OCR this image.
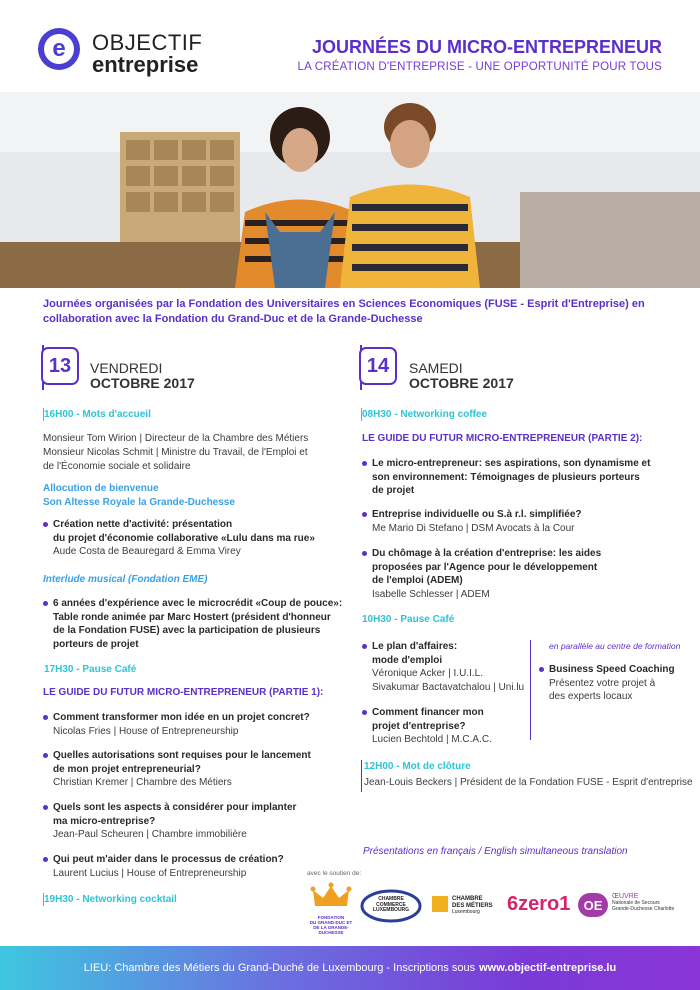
e	OBJECTIF
entreprise
JOURNÉES DU MICRO-ENTREPRENEUR
LA CRÉATION D'ENTREPRISE - UNE OPPORTUNITÉ POUR TOUS
Journées organisées par la Fondation des Universitaires en Sciences Economiques (FUSE - Esprit d'Entreprise) en collaboration avec la Fondation du Grand-Duc et de la Grande-Duchesse
13	VENDREDI
OCTOBRE 2017
16H00 - Mots d'accueil
Monsieur Tom Wirion | Directeur de la Chambre des Métiers
Monsieur Nicolas Schmit | Ministre du Travail, de l'Emploi et
de l'Économie sociale et solidaire
Allocution de bienvenue
Son Altesse Royale la Grande-Duchesse
Création nette d'activité: présentation
du projet d'économie collaborative «Lulu dans ma rue»
Aude Costa de Beauregard & Emma Virey
Interlude musical (Fondation EME)
6 années d'expérience avec le microcrédit «Coup de pouce»:
Table ronde animée par Marc Hostert (président d'honneur
de la Fondation FUSE) avec la participation de plusieurs
porteurs de projet
17H30 - Pause Café
LE GUIDE DU FUTUR MICRO-ENTREPRENEUR (PARTIE 1):
Comment transformer mon idée en un projet concret?
Nicolas Fries | House of Entrepreneurship
Quelles autorisations sont requises pour le lancement
de mon projet entrepreneurial?
Christian Kremer | Chambre des Métiers
Quels sont les aspects à considérer pour implanter
ma micro-entreprise?
Jean-Paul Scheuren | Chambre immobilière
Qui peut m'aider dans le processus de création?
Laurent Lucius | House of Entrepreneurship
19H30 - Networking cocktail
14	SAMEDI
OCTOBRE 2017
08H30 - Networking coffee
LE GUIDE DU FUTUR MICRO-ENTREPRENEUR (PARTIE 2):
Le micro-entrepreneur: ses aspirations, son dynamisme et
son environnement: Témoignages de plusieurs porteurs
de projet
Entreprise individuelle ou S.à r.l. simplifiée?
Me Mario Di Stefano | DSM Avocats à la Cour
Du chômage à la création d'entreprise: les aides
proposées par l'Agence pour le développement
de l'emploi (ADEM)
Isabelle Schlesser | ADEM
10H30 - Pause Café
Le plan d'affaires:
mode d'emploi
Véronique Acker | I.U.I.L.
Sivakumar Bactavatchalou | Uni.lu
Comment financer mon
projet d'entreprise?
Lucien Bechtold | M.C.A.C.
en parallèle au centre de formation
Business Speed Coaching
Présentez votre projet à
des experts locaux
12H00 - Mot de clôture
Jean-Louis Beckers | Président de la Fondation FUSE - Esprit d'entreprise
Présentations en français / English simultaneous translation
avec le soutien de:
FONDATION
DU GRAND-DUC ET
DE LA GRANDE-DUCHESSE
CHAMBRE
COMMERCE
LUXEMBOURG
CHAMBRE
DES MÉTIERS
Luxembourg	6zero1	OE
ŒUVRE
Nationale de Secours
Grande-Duchesse Charlotte
LIEU: Chambre des Métiers du Grand-Duché de Luxembourg - Inscriptions sous www.objectif-entreprise.lu
